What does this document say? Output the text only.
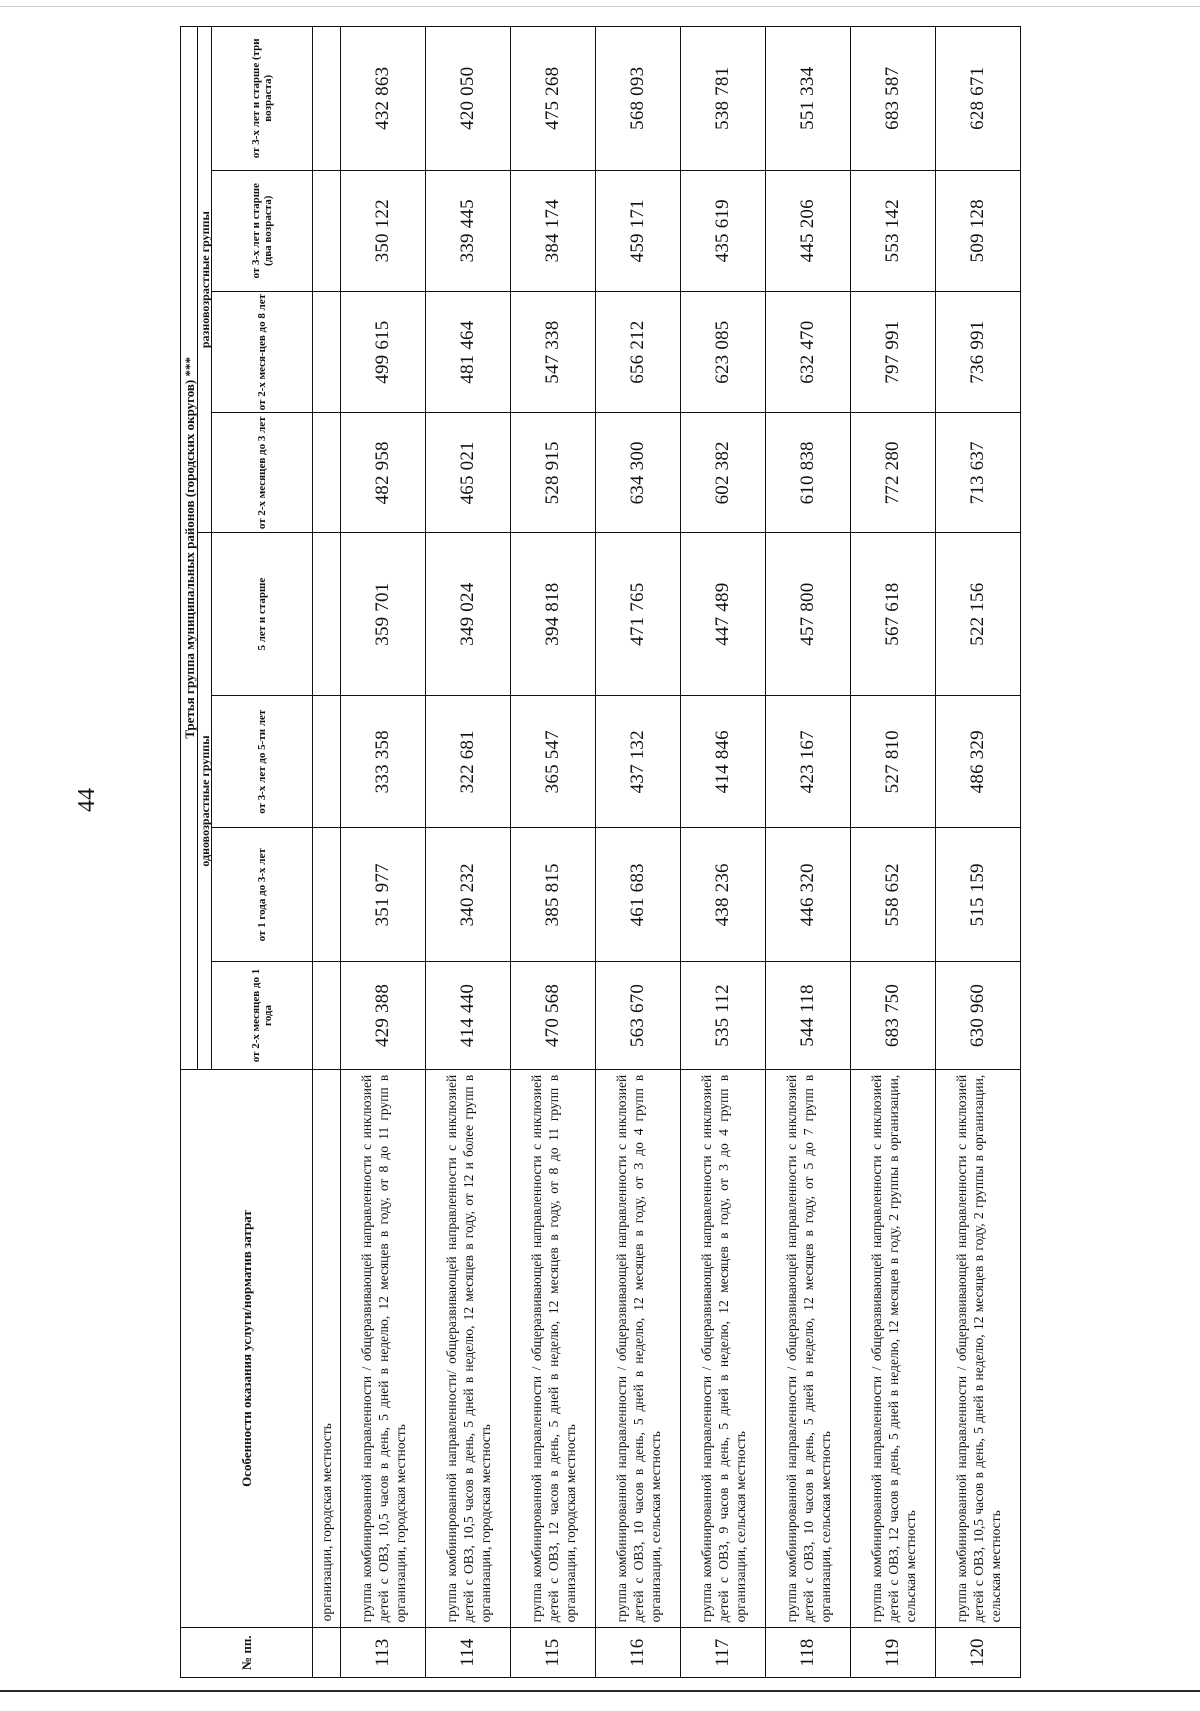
44
№ пп.	Особенности оказания услуги/норматив затрат	Третья группа муниципальных районов (городских округов) ***							
		одновозрастные группы				разновозрастные группы			
		от 2-х месяцев до 1 года	от 1 года до 3-х лет	от 3-х лет до 5-ти лет	5 лет и старше	от 2-х месяцев до 3 лет	от 2-х меся-цев до 8 лет	от 3-х лет и старше (два возраста)	от 3-х лет и старше (три возраста)
	организации, городская местность								
113	группа комбинированной направленности / общеразвивающей направленности с инклюзией детей с ОВЗ, 10,5 часов в день, 5 дней в неделю, 12 месяцев в году, от 8 до 11 групп в организации, городская местность	429 388	351 977	333 358	359 701	482 958	499 615	350 122	432 863
114	группа комбинированной направленности/ общеразвивающей направленности с инклюзией детей с ОВЗ, 10,5 часов в день, 5 дней в неделю, 12 месяцев в году, от 12 и более групп в организации, городская местность	414 440	340 232	322 681	349 024	465 021	481 464	339 445	420 050
115	группа комбинированной направленности / общеразвивающей направленности с инклюзией детей с ОВЗ, 12 часов в день, 5 дней в неделю, 12 месяцев в году, от 8 до 11 групп в организации, городская местность	470 568	385 815	365 547	394 818	528 915	547 338	384 174	475 268
116	группа комбинированной направленности / общеразвивающей направленности с инклюзией детей с ОВЗ, 10 часов в день, 5 дней в неделю, 12 месяцев в году, от 3 до 4 групп в организации, сельская местность	563 670	461 683	437 132	471 765	634 300	656 212	459 171	568 093
117	группа комбинированной направленности / общеразвивающей направленности с инклюзией детей с ОВЗ, 9 часов в день, 5 дней в неделю, 12 месяцев в году, от 3 до 4 групп в организации, сельская местность	535 112	438 236	414 846	447 489	602 382	623 085	435 619	538 781
118	группа комбинированной направленности / общеразвивающей направленности с инклюзией детей с ОВЗ, 10 часов в день, 5 дней в неделю, 12 месяцев в году, от 5 до 7 групп в организации, сельская местность	544 118	446 320	423 167	457 800	610 838	632 470	445 206	551 334
119	группа комбинированной направленности / общеразвивающей направленности с инклюзией детей с ОВЗ, 12 часов в день, 5 дней в неделю, 12 месяцев в году, 2 группы в организации, сельская местность	683 750	558 652	527 810	567 618	772 280	797 991	553 142	683 587
120	группа комбинированной направленности / общеразвивающей направленности с инклюзией детей с ОВЗ, 10,5 часов в день, 5 дней в неделю, 12 месяцев в году, 2 группы в организации, сельская местность	630 960	515 159	486 329	522 156	713 637	736 991	509 128	628 671
